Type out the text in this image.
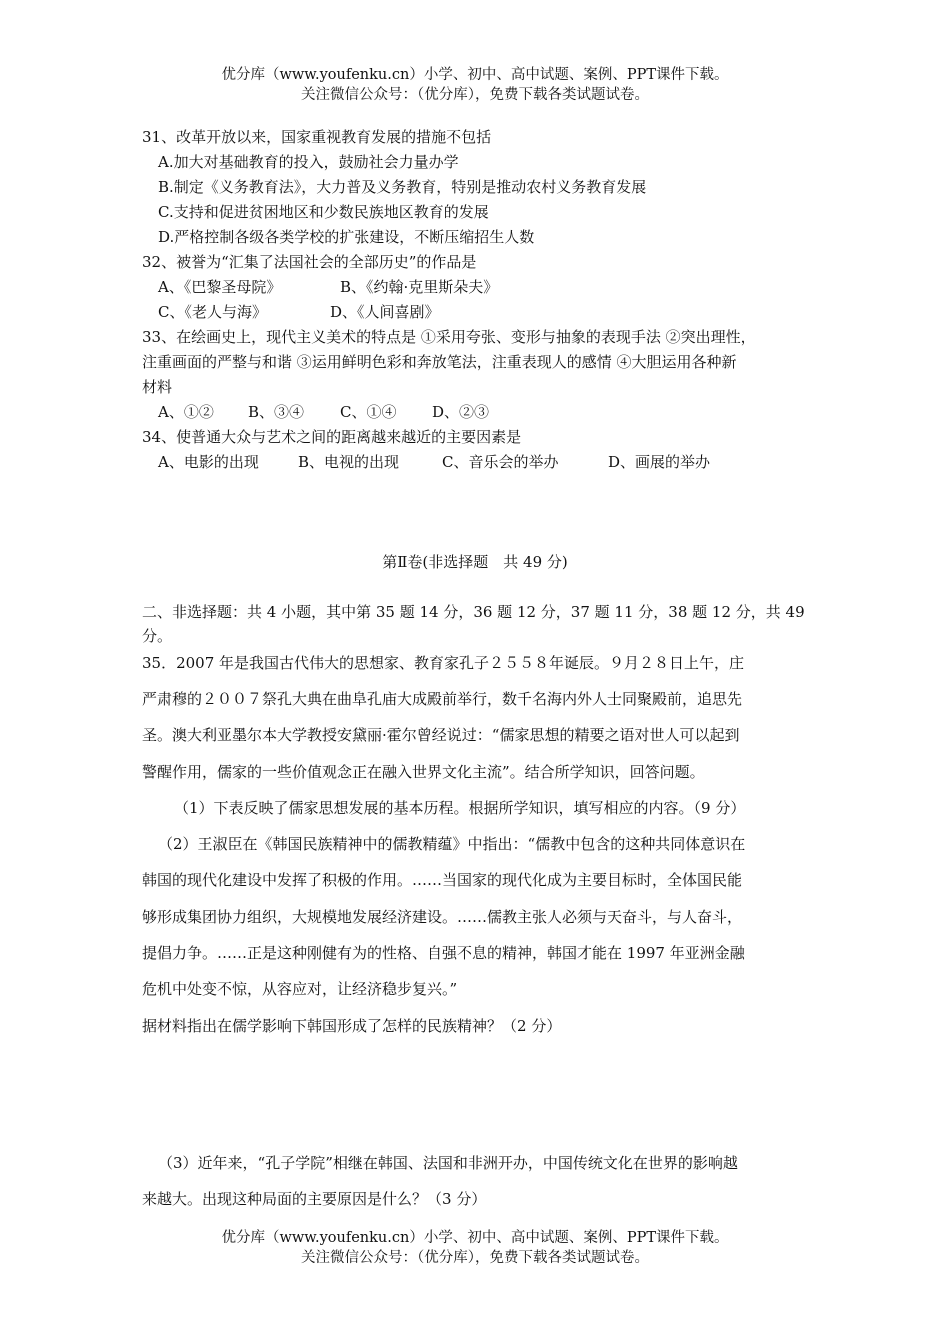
优分库（www.youfenku.cn）小学、初中、高中试题、案例、PPT课件下载。
关注微信公众号：（优分库），免费下载各类试题试卷。
31、改革开放以来，国家重视教育发展的措施不包括
A.加大对基础教育的投入，鼓励社会力量办学
B.制定《义务教育法》，大力普及义务教育，特别是推动农村义务教育发展
C.支持和促进贫困地区和少数民族地区教育的发展
D.严格控制各级各类学校的扩张建设，不断压缩招生人数
32、被誉为“汇集了法国社会的全部历史”的作品是
A、《巴黎圣母院》	B、《约翰·克里斯朵夫》
C、《老人与海》	D、《人间喜剧》
33、在绘画史上，现代主义美术的特点是 ①采用夸张、变形与抽象的表现手法 ②突出理性，
注重画面的严整与和谐 ③运用鲜明色彩和奔放笔法，注重表现人的感情 ④大胆运用各种新
材料
A、①② B、③④ C、①④ D、②③
34、使普通大众与艺术之间的距离越来越近的主要因素是
A、电影的出现	B、电视的出现	C、音乐会的举办	D、画展的举办
第Ⅱ卷(非选择题　共 49 分)
二、非选择题：共 4 小题，其中第 35 题 14 分，36 题 12 分，37 题 11 分，38 题 12 分，共 49
分。
35．2007 年是我国古代伟大的思想家、教育家孔子２５５８年诞辰。９月２８日上午，庄
严肃穆的２００７祭孔大典在曲阜孔庙大成殿前举行，数千名海内外人士同聚殿前，追思先
圣。澳大利亚墨尔本大学教授安黛丽·霍尔曾经说过：“儒家思想的精要之语对世人可以起到
警醒作用，儒家的一些价值观念正在融入世界文化主流”。结合所学知识，回答问题。
（1）下表反映了儒家思想发展的基本历程。根据所学知识，填写相应的内容。（9 分）
（2）王淑臣在《韩国民族精神中的儒教精蕴》中指出：“儒教中包含的这种共同体意识在
韩国的现代化建设中发挥了积极的作用。……当国家的现代化成为主要目标时，全体国民能
够形成集团协力组织，大规模地发展经济建设。……儒教主张人必须与天奋斗，与人奋斗，
提倡力争。……正是这种刚健有为的性格、自强不息的精神，韩国才能在 1997 年亚洲金融
危机中处变不惊，从容应对，让经济稳步复兴。”
据材料指出在儒学影响下韩国形成了怎样的民族精神？（2 分）
（3）近年来，“孔子学院”相继在韩国、法国和非洲开办，中国传统文化在世界的影响越
来越大。出现这种局面的主要原因是什么？（3 分）
优分库（www.youfenku.cn）小学、初中、高中试题、案例、PPT课件下载。
关注微信公众号：（优分库），免费下载各类试题试卷。
